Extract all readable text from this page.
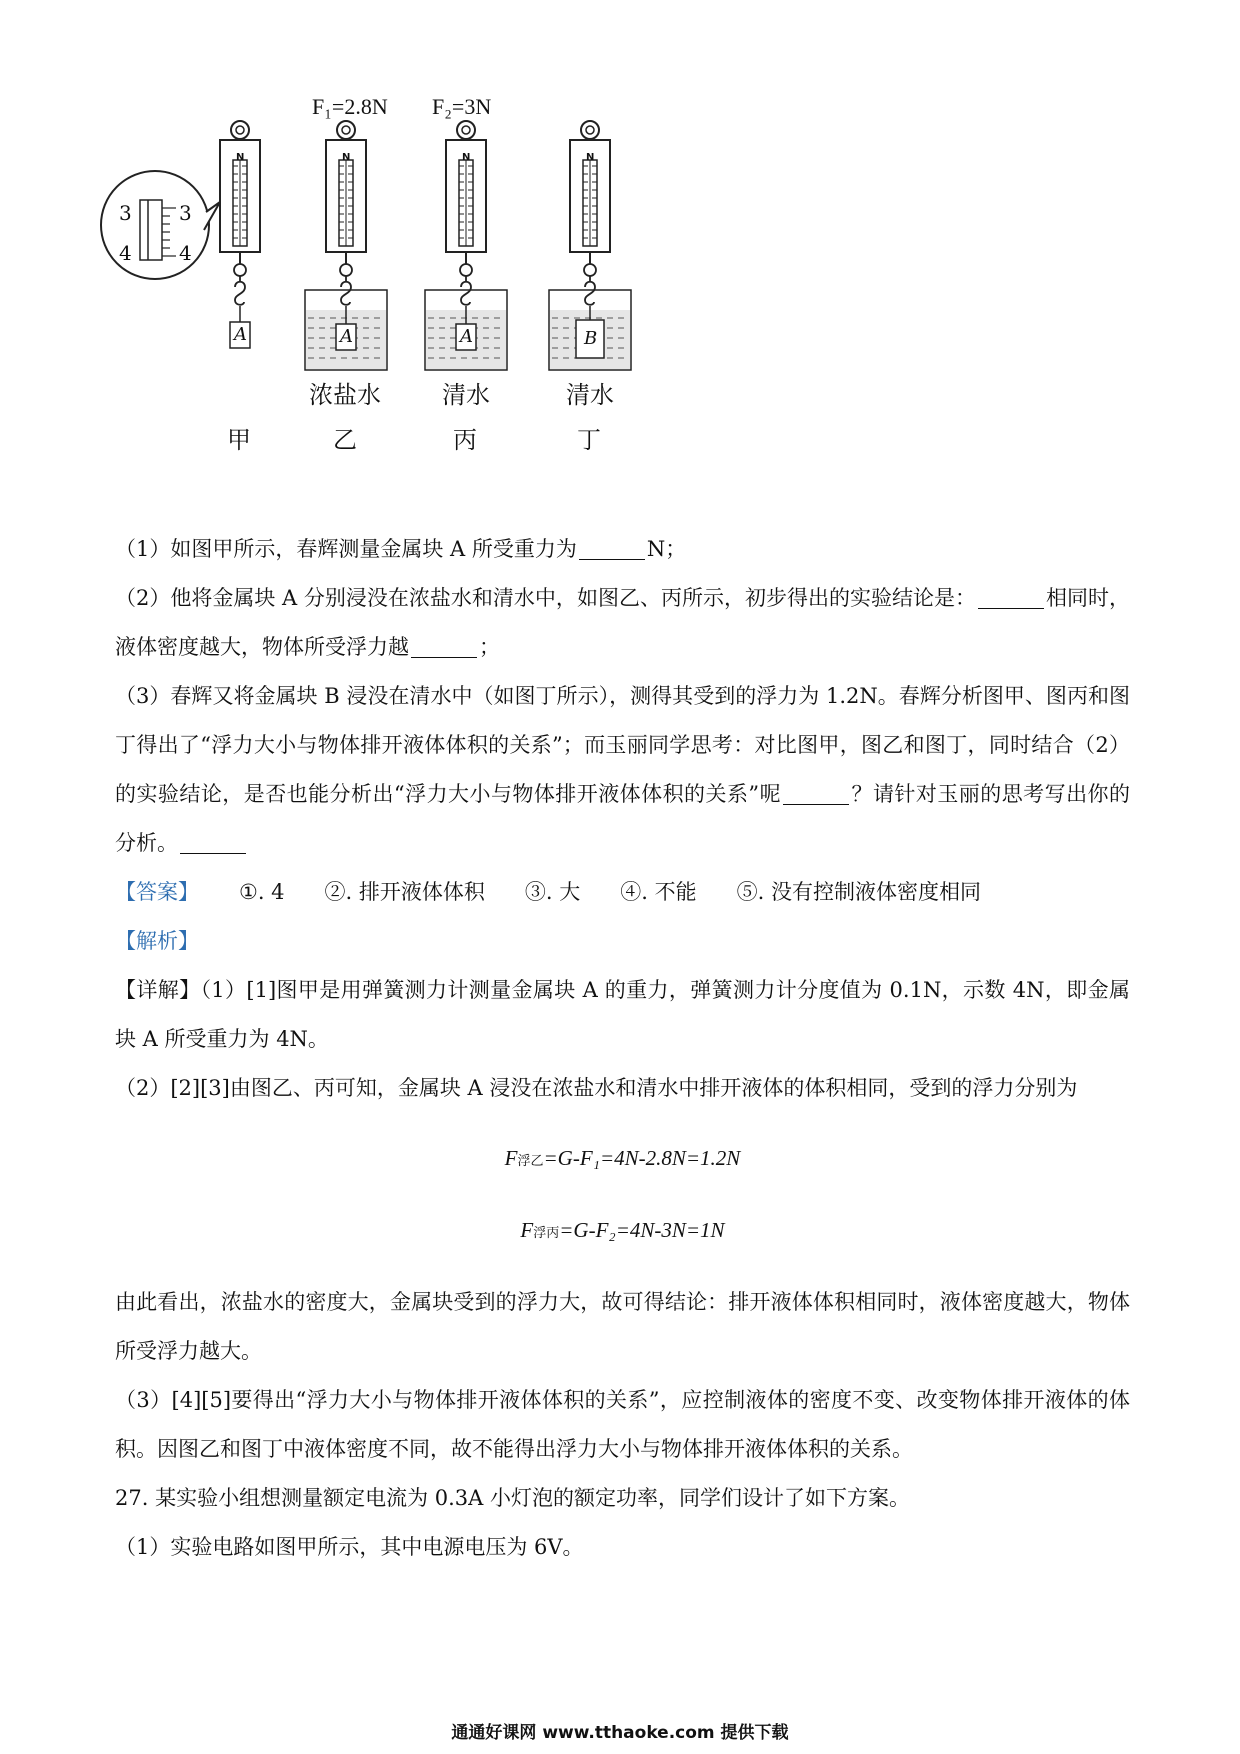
F₁=2.8N F₂=3N
N	N	N	N
3 3
4 4
A	A	A	B
浓盐水	清水	清水
甲	乙	丙	丁

（1）如图甲所示，春辉测量金属块 A 所受重力为	N；

（2）他将金属块 A 分别浸没在浓盐水和清水中，如图乙、丙所示，初步得出的实验结论是：	相同时，液体密度越大，物体所受浮力越	；

（3）春辉又将金属块 B 浸没在清水中（如图丁所示），测得其受到的浮力为 1.2N。春辉分析图甲、图丙和图丁得出了“浮力大小与物体排开液体体积的关系”；而玉丽同学思考：对比图甲，图乙和图丁，同时结合（2）的实验结论，是否也能分析出“浮力大小与物体排开液体体积的关系”呢	？请针对玉丽的思考写出你的分析。

【答案】 ①. 4 ②. 排开液体体积 ③. 大 ④. 不能 ⑤. 没有控制液体密度相同

【解析】

【详解】（1）[1]图甲是用弹簧测力计测量金属块 A 的重力，弹簧测力计分度值为 0.1N，示数 4N，即金属块 A 所受重力为 4N。

（2）[2][3]由图乙、丙可知，金属块 A 浸没在浓盐水和清水中排开液体的体积相同，受到的浮力分别为

F浮乙=G-F₁=4N-2.8N=1.2N

F浮丙=G-F₂=4N-3N=1N

由此看出，浓盐水的密度大，金属块受到的浮力大，故可得结论：排开液体体积相同时，液体密度越大，物体所受浮力越大。

（3）[4][5]要得出“浮力大小与物体排开液体体积的关系”，应控制液体的密度不变、改变物体排开液体的体积。因图乙和图丁中液体密度不同，故不能得出浮力大小与物体排开液体体积的关系。

27. 某实验小组想测量额定电流为 0.3A 小灯泡的额定功率，同学们设计了如下方案。

（1）实验电路如图甲所示，其中电源电压为 6V。

通通好课网 www.tthaoke.com 提供下载
